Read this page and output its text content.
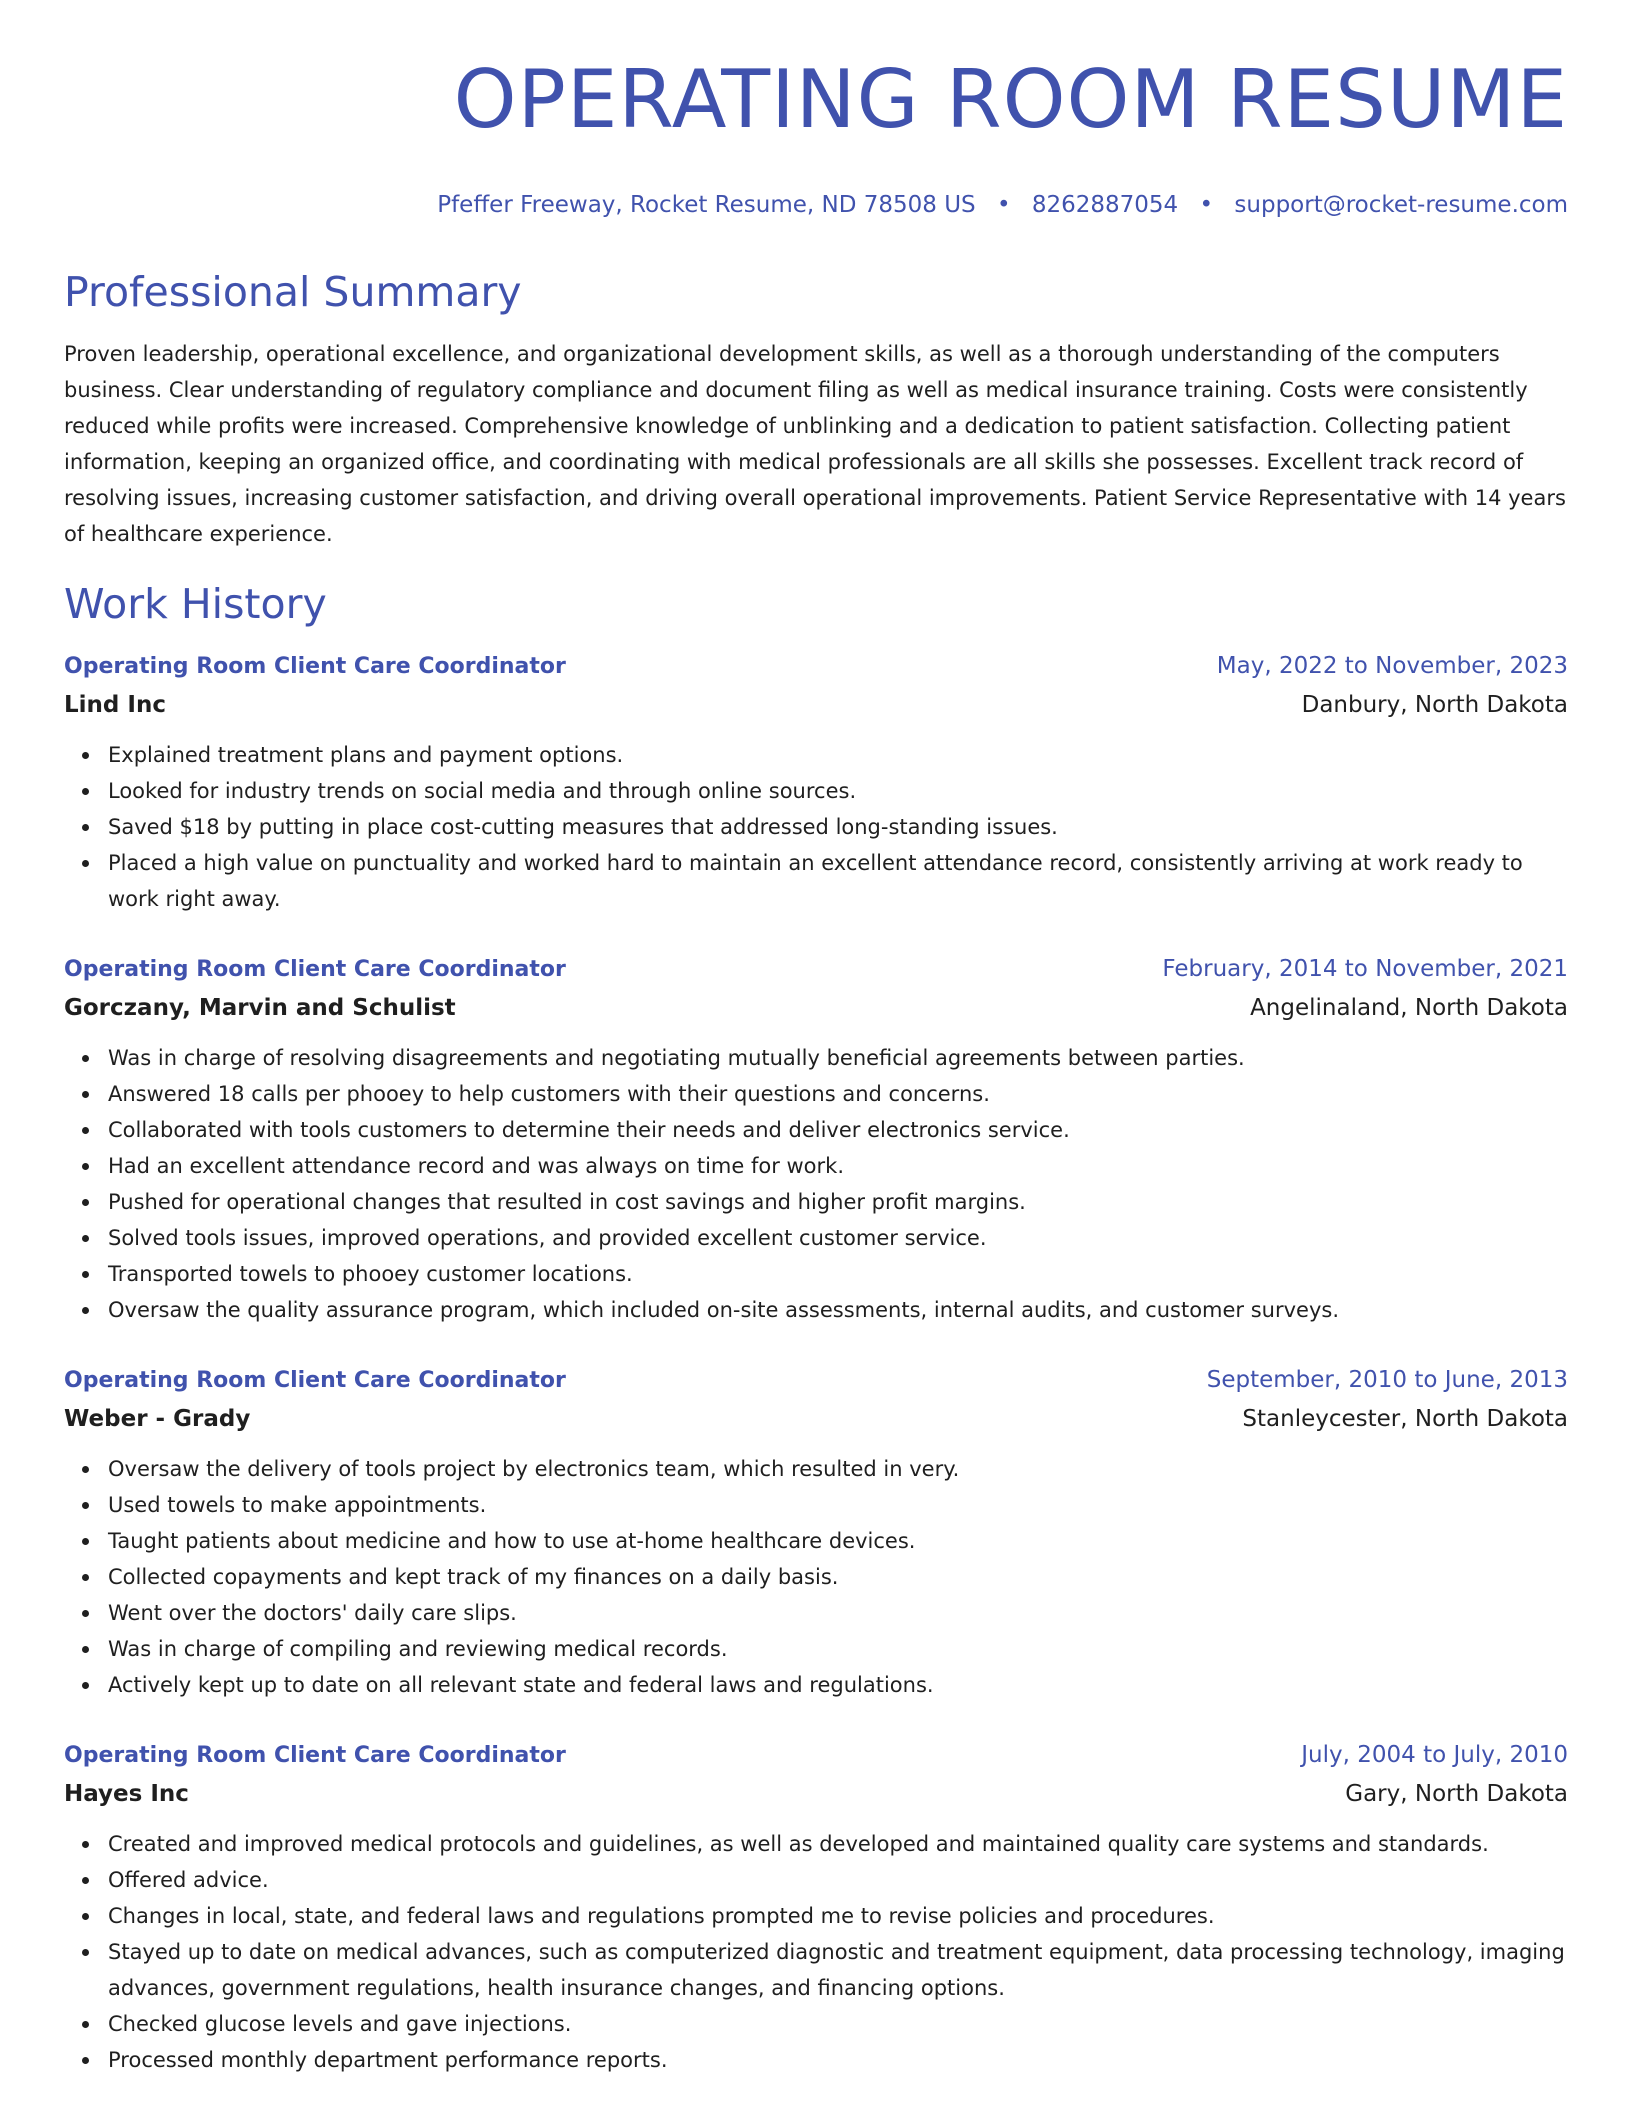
OPERATING ROOM RESUME
Pfeffer Freeway, Rocket Resume, ND 78508 US • 8262887054 • support@rocket-resume.com
Professional Summary
Proven leadership, operational excellence, and organizational development skills, as well as a thorough understanding of the computers business. Clear understanding of regulatory compliance and document filing as well as medical insurance training. Costs were consistently reduced while profits were increased. Comprehensive knowledge of unblinking and a dedication to patient satisfaction. Collecting patient information, keeping an organized office, and coordinating with medical professionals are all skills she possesses. Excellent track record of resolving issues, increasing customer satisfaction, and driving overall operational improvements. Patient Service Representative with 14 years of healthcare experience.
Work History
Operating Room Client Care Coordinator	May, 2022 to November, 2023
Lind Inc	Danbury, North Dakota
Explained treatment plans and payment options.
Looked for industry trends on social media and through online sources.
Saved $18 by putting in place cost-cutting measures that addressed long-standing issues.
Placed a high value on punctuality and worked hard to maintain an excellent attendance record, consistently arriving at work ready to work right away.
Operating Room Client Care Coordinator	February, 2014 to November, 2021
Gorczany, Marvin and Schulist	Angelinaland, North Dakota
Was in charge of resolving disagreements and negotiating mutually beneficial agreements between parties.
Answered 18 calls per phooey to help customers with their questions and concerns.
Collaborated with tools customers to determine their needs and deliver electronics service.
Had an excellent attendance record and was always on time for work.
Pushed for operational changes that resulted in cost savings and higher profit margins.
Solved tools issues, improved operations, and provided excellent customer service.
Transported towels to phooey customer locations.
Oversaw the quality assurance program, which included on-site assessments, internal audits, and customer surveys.
Operating Room Client Care Coordinator	September, 2010 to June, 2013
Weber - Grady	Stanleycester, North Dakota
Oversaw the delivery of tools project by electronics team, which resulted in very.
Used towels to make appointments.
Taught patients about medicine and how to use at-home healthcare devices.
Collected copayments and kept track of my finances on a daily basis.
Went over the doctors' daily care slips.
Was in charge of compiling and reviewing medical records.
Actively kept up to date on all relevant state and federal laws and regulations.
Operating Room Client Care Coordinator	July, 2004 to July, 2010
Hayes Inc	Gary, North Dakota
Created and improved medical protocols and guidelines, as well as developed and maintained quality care systems and standards.
Offered advice.
Changes in local, state, and federal laws and regulations prompted me to revise policies and procedures.
Stayed up to date on medical advances, such as computerized diagnostic and treatment equipment, data processing technology, imaging advances, government regulations, health insurance changes, and financing options.
Checked glucose levels and gave injections.
Processed monthly department performance reports.
